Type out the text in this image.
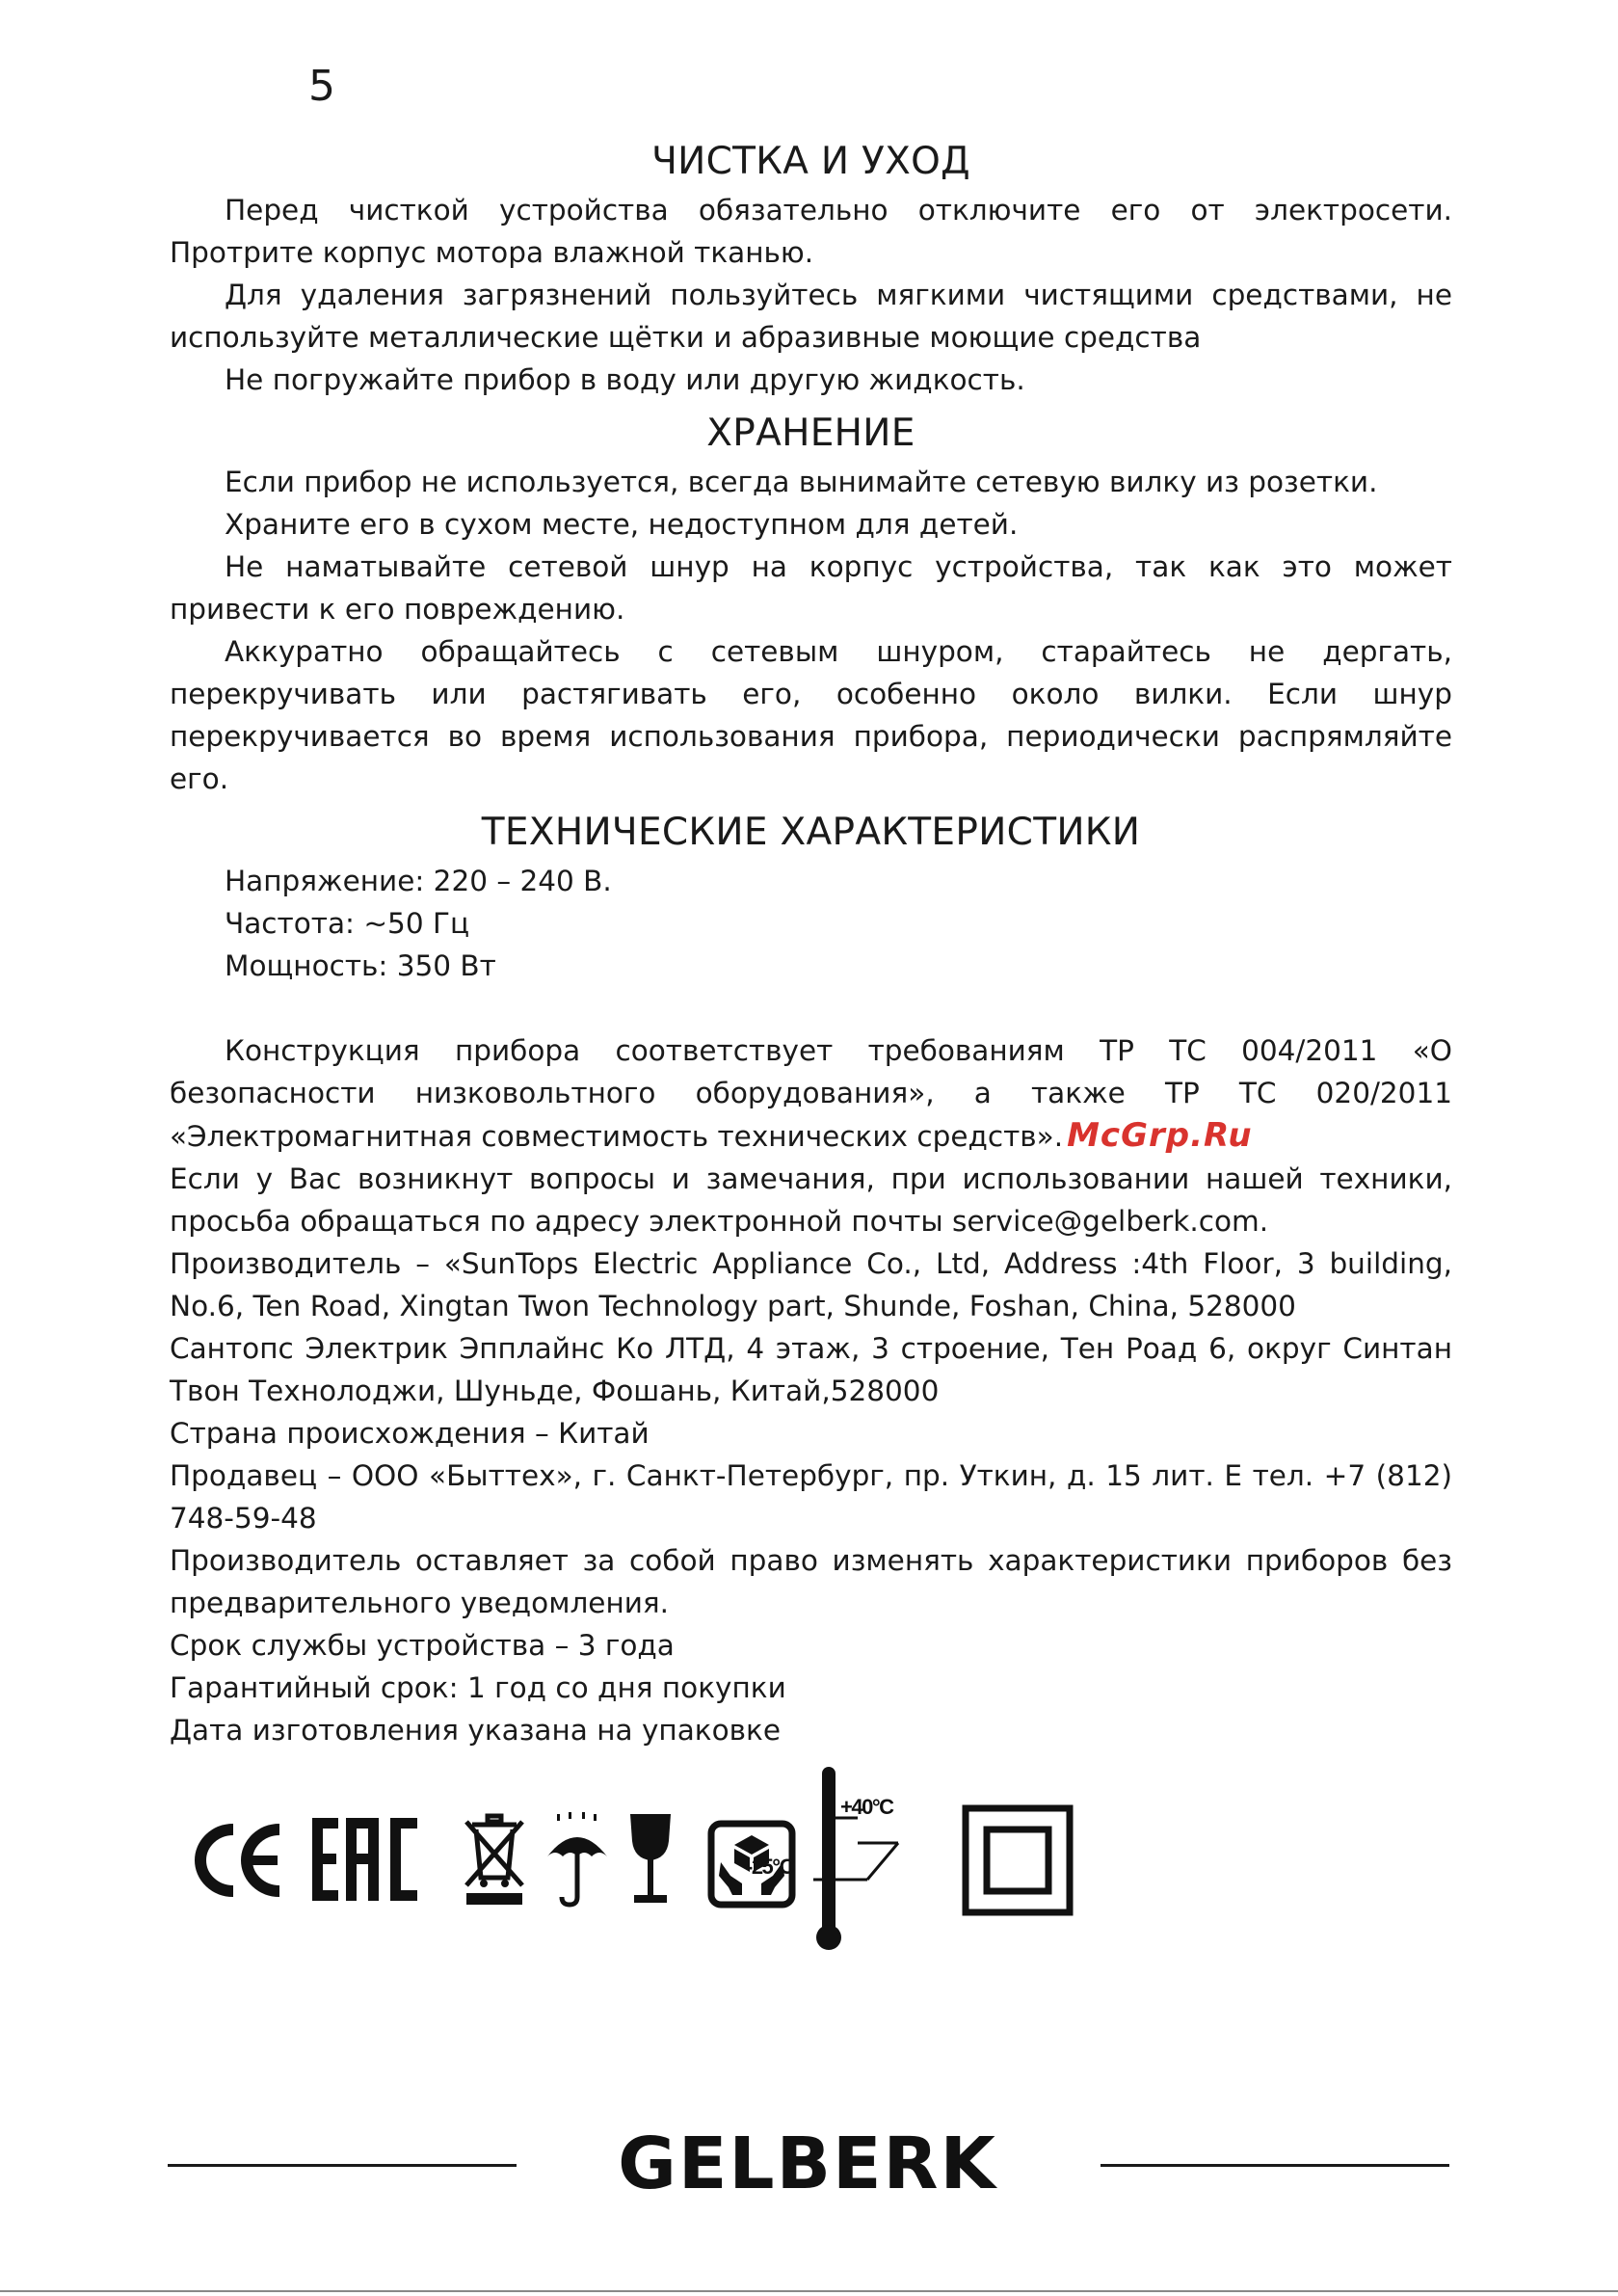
5
ЧИСТКА И УХОД

Перед чисткой устройства обязательно отключите его от электросети. Протрите корпус мотора влажной тканью.

Для удаления загрязнений пользуйтесь мягкими чистящими средствами, не используйте металлические щётки и абразивные моющие средства

Не погружайте прибор в воду или другую жидкость.

ХРАНЕНИЕ

Если прибор не используется, всегда вынимайте сетевую вилку из розетки.

Храните его в сухом месте, недоступном для детей.

Не наматывайте сетевой шнур на корпус устройства, так как это может привести к его повреждению.

Аккуратно обращайтесь с сетевым шнуром, старайтесь не дергать, перекручивать или растягивать его, особенно около вилки. Если шнур перекручивается во время использования прибора, периодически распрямляйте его.

ТЕХНИЧЕСКИЕ ХАРАКТЕРИСТИКИ

Напряжение: 220 – 240 В.

Частота: ~50 Гц

Мощность: 350 Вт

Конструкция прибора соответствует требованиям ТР ТС 004/2011 «О безопасности низковольтного оборудования», а также ТР ТС 020/2011 «Электромагнитная совместимость технических средств». McGrp.Ru

Если у Вас возникнут вопросы и замечания, при использовании нашей техники, просьба обращаться по адресу электронной почты service@gelberk.com.

Производитель – «SunTops Electric Appliance Co., Ltd, Address :4th Floor, 3 building, No.6, Ten Road, Xingtan Twon Technology part, Shunde, Foshan, China, 528000

Сантопс Электрик Эпплайнс Ко ЛТД, 4 этаж, 3 строение, Тен Роад 6, округ Синтан Твон Технолоджи, Шуньде, Фошань, Китай,528000

Страна происхождения – Китай

Продавец – ООО «Быттех», г. Санкт-Петербург, пр. Уткин, д. 15 лит. Е тел. +7 (812) 748-59-48

Производитель оставляет за собой право изменять характеристики приборов без предварительного уведомления.

Срок службы устройства – 3 года

Гарантийный срок: 1 год со дня покупки

Дата изготовления указана на упаковке

+40°C
-25°C
GELBERK
